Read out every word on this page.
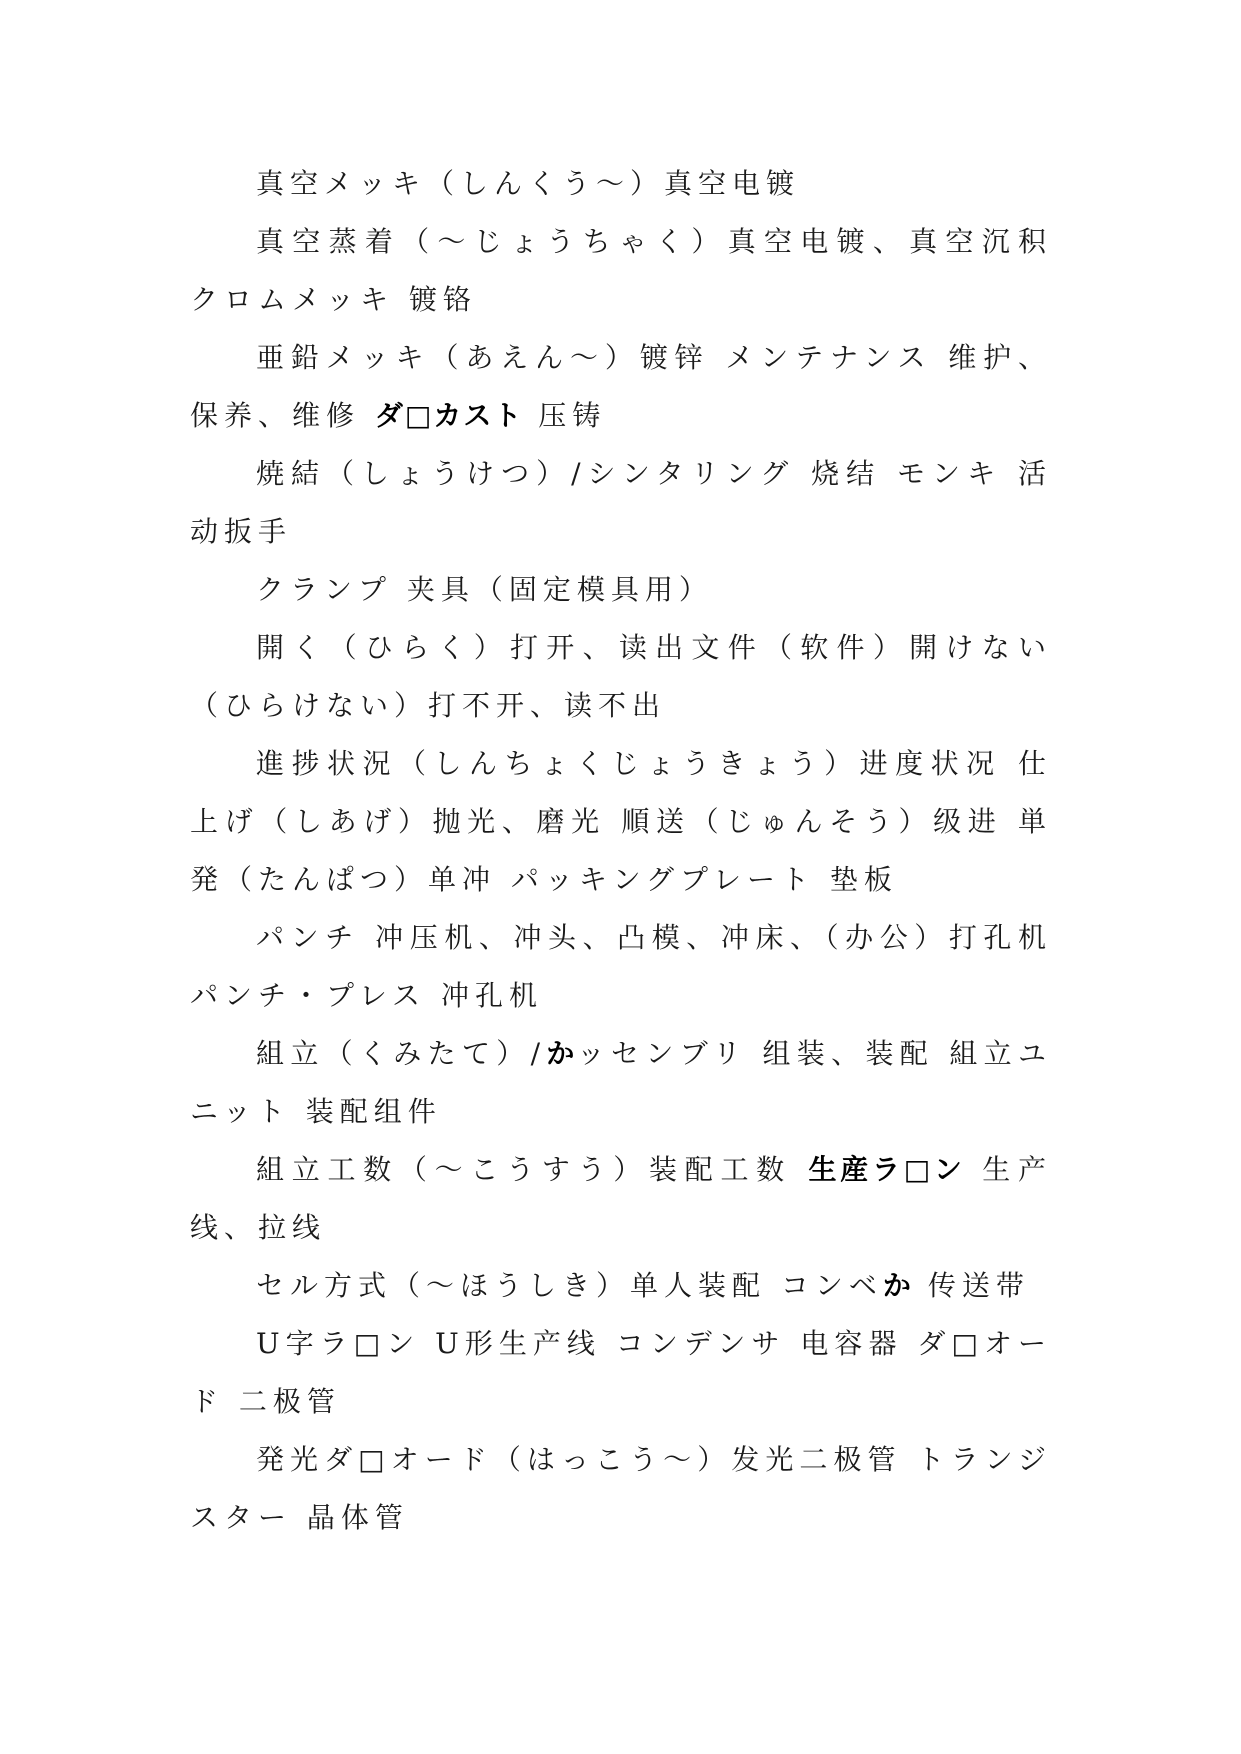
真空メッキ（しんくう～）真空电镀

真空蒸着（～じょうちゃく）真空电镀、真空沉积 クロムメッキ 镀铬

亜鉛メッキ（あえん～）镀锌 メンテナンス 维护、保养、维修 ダ□カスト 压铸

焼結（しょうけつ）/シンタリング 烧结 モンキ 活动扳手

クランプ 夹具（固定模具用）

開く（ひらく）打开、读出文件（软件）開けない（ひらけない）打不开、读不出

進捗状況（しんちょくじょうきょう）进度状况 仕上げ（しあげ）抛光、磨光 順送（じゅんそう）级进 単発（たんぱつ）单冲 パッキングプレート 垫板

パンチ 冲压机、冲头、凸模、冲床、（办公）打孔机 パンチ・プレス 冲孔机

組立（くみたて）/かッセンブリ 组装、装配 組立ユニット 装配组件

組立工数（～こうすう）装配工数 生産ラ□ン 生产线、拉线

セル方式（～ほうしき）单人装配 コンベか 传送带

U字ラ□ン U形生产线 コンデンサ 电容器 ダ□オード 二极管

発光ダ□オード（はっこう～）发光二极管 トランジスター 晶体管
